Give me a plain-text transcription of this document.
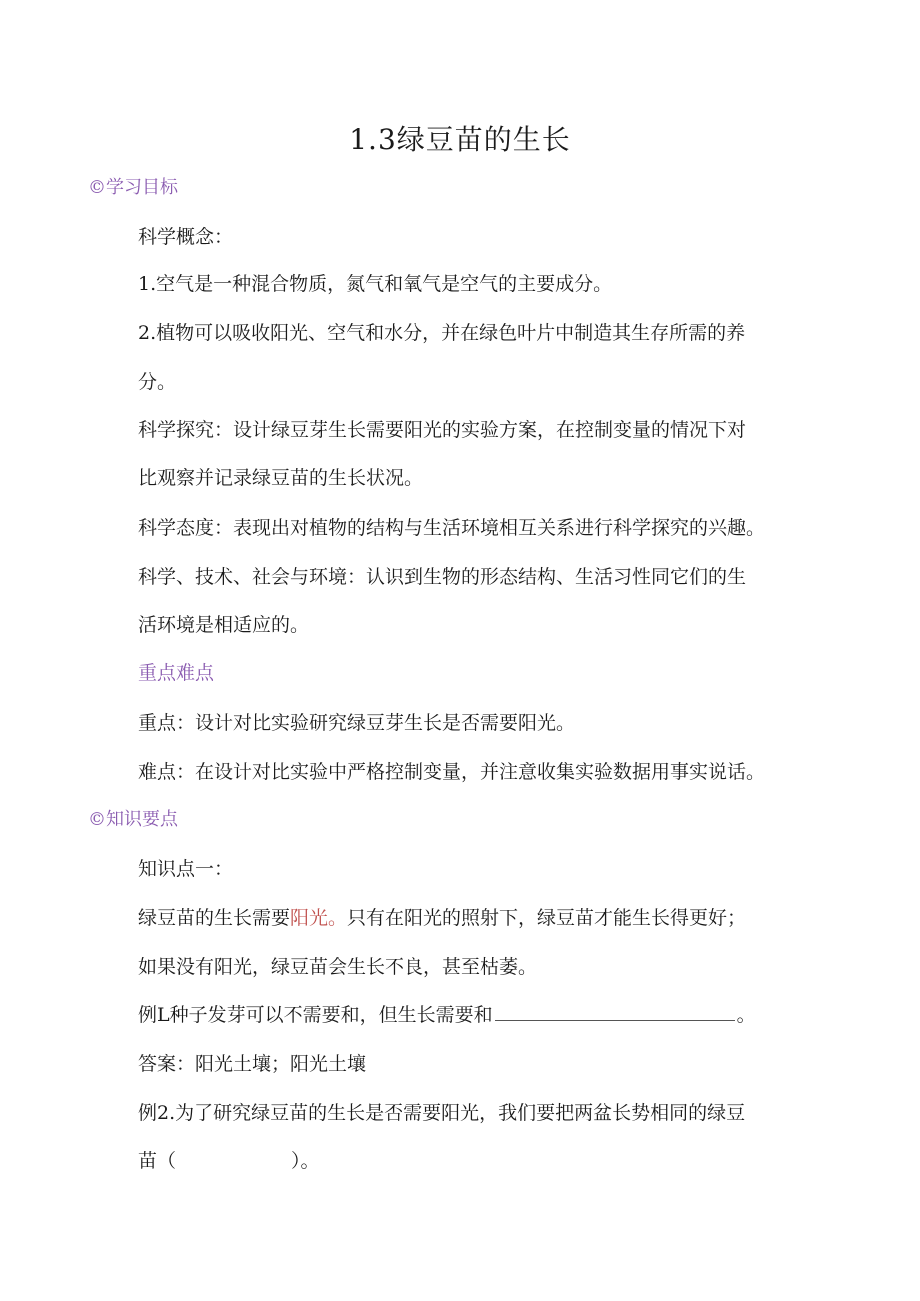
1.3绿豆苗的生长
©学习目标
科学概念：
1.空气是一种混合物质，氮气和氧气是空气的主要成分。
2.植物可以吸收阳光、空气和水分，并在绿色叶片中制造其生存所需的养
分。
科学探究：设计绿豆芽生长需要阳光的实验方案，在控制变量的情况下对
比观察并记录绿豆苗的生长状况。
科学态度：表现出对植物的结构与生活环境相互关系进行科学探究的兴趣。
科学、技术、社会与环境：认识到生物的形态结构、生活习性同它们的生
活环境是相适应的。
重点难点
重点：设计对比实验研究绿豆芽生长是否需要阳光。
难点：在设计对比实验中严格控制变量，并注意收集实验数据用事实说话。
©知识要点
知识点一：
绿豆苗的生长需要阳光。只有在阳光的照射下，绿豆苗才能生长得更好；
如果没有阳光，绿豆苗会生长不良，甚至枯萎。
例L种子发芽可以不需要和，但生长需要和	。
答案：阳光土壤；阳光土壤
例2.为了研究绿豆苗的生长是否需要阳光，我们要把两盆长势相同的绿豆
苗（	）。
